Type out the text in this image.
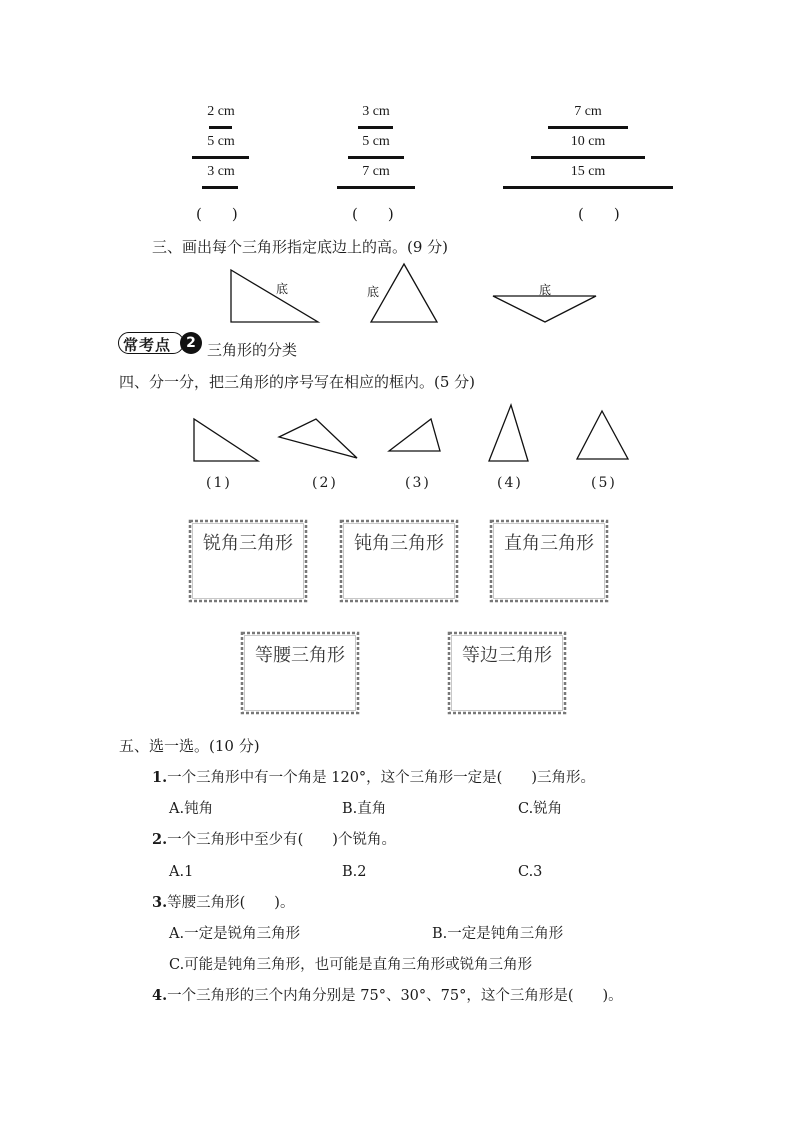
2 cm
5 cm
3 cm
(　　)
3 cm
5 cm
7 cm
(　　)
7 cm
10 cm
15 cm
(　　)
三、画出每个三角形指定底边上的高。(9 分)
底	底	底
常考点	2 三角形的分类
四、分一分，把三角形的序号写在相应的框内。(5 分)
(1)	(2)	(3)	(4)	(5)
锐角三角形	钝角三角形	直角三角形
等腰三角形	等边三角形
五、选一选。(10 分)
1.一个三角形中有一个角是 120°，这个三角形一定是(　　)三角形。
A.钝角	B.直角	C.锐角
2.一个三角形中至少有(　　)个锐角。
A.1	B.2	C.3
3.等腰三角形(　　)。
A.一定是锐角三角形	B.一定是钝角三角形
C.可能是钝角三角形，也可能是直角三角形或锐角三角形
4.一个三角形的三个内角分别是 75°、30°、75°，这个三角形是(　　)。
